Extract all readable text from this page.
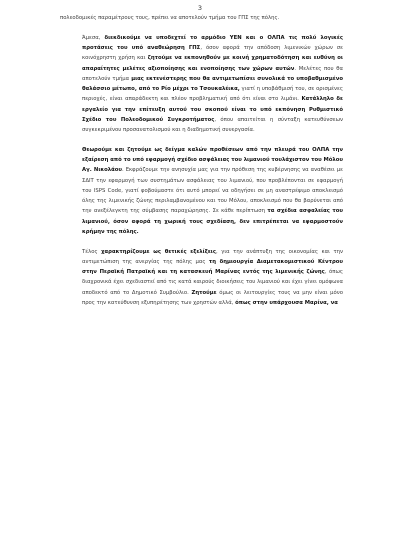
3

πολεοδομικές παραμέτρους τους, πρέπει να αποτελούν τμήμα του ΓΠΣ της πόλης.

Άμεσα, διεκδικούμε να υποδεχτεί το αρμόδιο ΥΕΝ και ο ΟΛΠΑ τις πολύ λογικές προτάσεις του υπό αναθεώρηση ΓΠΣ, όσον αφορά την απόδοση λιμενικών χώρων σε κοινόχρηστη χρήση και ζητούμε να εκπονηθούν με κοινή χρηματοδότηση και ευθύνη οι απαραίτητες μελέτες αξιοποίησης και ενοποίησης των χώρων αυτών. Μελέτες που θα αποτελούν τμήμα μιας εκτενέστερης που θα αντιμετωπίσει συνολικά το υποβαθμισμένο θαλάσσιο μέτωπο, από το Ρίο μέχρι το Τσουκαλέικα, γιατί η υποβάθμισή του, σε ορισμένες περιοχές, είναι απαράδεκτη και πλέον προβληματική από ότι είναι στο λιμάνι. Κατάλληλο δε εργαλείο για την επίτευξη αυτού του σκοπού είναι το υπό εκπόνηση Ρυθμιστικό Σχέδιο του Πολεοδομικού Συγκροτήματος, όπου απαιτείται η σύνταξη κατευθύνσεων συγκεκριμένου προσανατολισμού και η διαδημοτική συνεργασία.

Θεωρούμε και ζητούμε ως δείγμα καλών προθέσεων από την πλευρά του ΟΛΠΑ την εξαίρεση από το υπό εφαρμογή σχέδιο ασφάλειας του λιμανιού τουλάχιστον του Μόλου Αγ. Νικολάου. Εκφράζουμε την ανησυχία μας για την πρόθεση της κυβέρνησης να αναθέσει με ΣΔΙΤ την εφαρμογή των συστημάτων ασφάλειας του λιμανιού, που προβλέπονται σε εφαρμογή του ISPS Code, γιατί φοβούμαστε ότι αυτό μπορεί να οδηγήσει σε μη αναστρέψιμο αποκλεισμό όλης της λιμενικής ζώνης περιλαμβανομένου και του Μόλου, αποκλεισμό που θα βαρύνεται από την ανεξέλεγκτη της σύμβασης παραχώρησης. Σε κάθε περίπτωση τα σχέδια ασφαλείας του λιμανιού, όσον αφορά τη χωρική τους σχεδίαση, δεν επιτρέπεται να εφαρμοστούν κρήμην της πόλης.

Τέλος χαρακτηρίζουμε ως θετικές εξελίξεις, για την ανάπτυξη της οικονομίας και την αντιμετώπιση της ανεργίας της πόλης μας τη δημιουργία Διαμετακομιστικού Κέντρου στην Περαϊκή Πατραϊκή και τη κατασκευή Μαρίνας εντός της λιμενικής ζώνης, όπως διαχρονικά έχει σχεδιαστεί από τις κατά καιρούς διοικήσεις του λιμανιού και έχει γίνει ομόφωνα αποδεκτό από το Δημοτικό Συμβούλιο. Ζητούμε όμως οι λειτουργίες τους να μην είναι μόνο προς την κατεύθυνση εξυπηρέτησης των χρηστών αλλά, όπως στην υπάρχουσα Μαρίνα, να
